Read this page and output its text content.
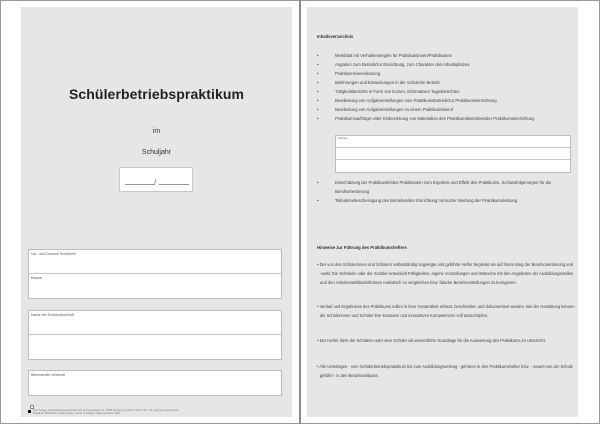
Schülerbetriebspraktikum
im
Schuljahr
/
Vor- und Zuname Schüler/in
Klasse
Name der Schule/Anschrift
Betreuende Lehrkraft
Sym Verlags- und Beratungsgesellschaft mbH, Vorsprungstraße 41, 31535 Spielsberg, Telefon 0 50 20 / 50 - 231, www.sym-spielsberg.de
Bestell-Nr. 999-905-50, Kopiervorlagen, Stand: 3. Auflage, Inhalte geschützt, 2008
Inhaltsverzeichnis
•	Merkblatt mit Verhaltensregeln für Praktikantinnen/Praktikanten
•	Angaben zum Betrieb/zur Einrichtung, zum Charakter des Arbeitsplatzes
•	Praktikumsvereinbarung
•	Belehrungen und Einweisungen in der Schule/im Betrieb
•	Tätigkeitsberichte in Form von kurzen, informativen Tagesberichten
•	Bearbeitung von Aufgabenstellungen zum Praktikumsbetrieb/zur Praktikumseinrichtung
•	Bearbeitung von Aufgabenstellungen zu einem Praktikumsberuf
•	Praktikumsaufträge unter Einbeziehung von Materialien des Praktikumsbetriebes/der Praktikumseinrichtung
Anlagen
•	Einschätzung der Praktikantin/des Praktikanten zum Ergebnis und Effekt des Praktikums, Schlussfolgerungen für die Berufsorientierung
•	Teilnahmebescheinigung des Betriebes/der Einrichtung mit kurzer Wertung der Praktikumsleistung
Hinweise zur Führung des Praktikumshefters
• Der von den Schülerinnen und Schülern selbstständig angelegte und geführte Hefter begleitet sie auf ihrem Weg der Berufsorientierung und -wahl. Die Schülerin oder der Schüler entwickelt Fähigkeiten, eigene Vorstellungen und Wünsche mit den Angeboten der Ausbildungsstellen und den Arbeitsmarktbedürfnissen realistisch zu vergleichen bzw. falsche Berufsvorstellungen zu korrigieren.
• Verlauf und Ergebnisse des Praktikums sollen in ihrer Gesamtheit erfasst, beschrieben und dokumentiert werden. Bei der Gestaltung können die Schülerinnen und Schüler ihre kreativen und innovativen Kompetenzen voll ausschöpfen.
• Der Hefter dient der Schülerin oder dem Schüler als wesentliche Grundlage für die Auswertung des Praktikums im Unterricht.
• Alle Unterlagen - vom Schülerbetriebspraktikum bis zum Ausbildungsvertrag - gehören in den Praktikumshefter bzw. - soweit von der Schule geführt - in den Berufswahlpass.
